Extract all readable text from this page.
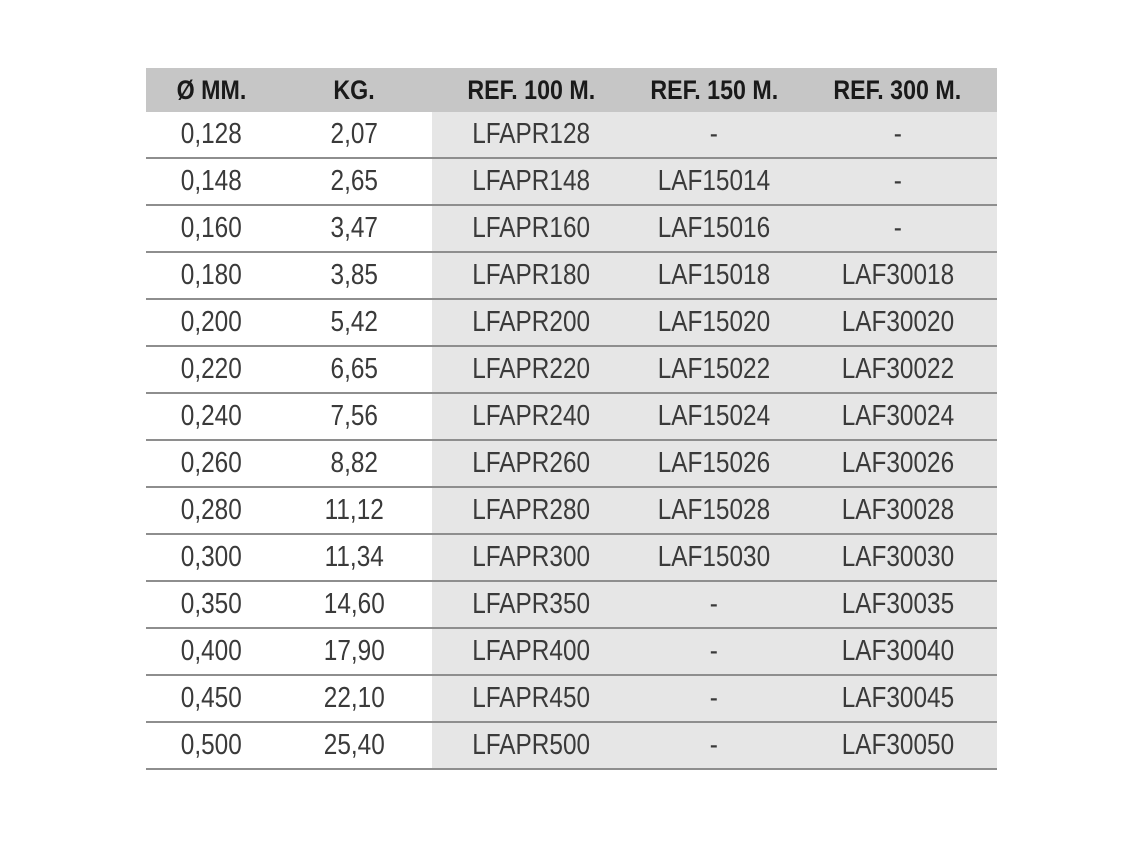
Ø MM.	KG.	REF. 100 M.	REF. 150 M.	REF. 300 M.
0,128	2,07	LFAPR128	-	-
0,148	2,65	LFAPR148	LAF15014	-
0,160	3,47	LFAPR160	LAF15016	-
0,180	3,85	LFAPR180	LAF15018	LAF30018
0,200	5,42	LFAPR200	LAF15020	LAF30020
0,220	6,65	LFAPR220	LAF15022	LAF30022
0,240	7,56	LFAPR240	LAF15024	LAF30024
0,260	8,82	LFAPR260	LAF15026	LAF30026
0,280	11,12	LFAPR280	LAF15028	LAF30028
0,300	11,34	LFAPR300	LAF15030	LAF30030
0,350	14,60	LFAPR350	-	LAF30035
0,400	17,90	LFAPR400	-	LAF30040
0,450	22,10	LFAPR450	-	LAF30045
0,500	25,40	LFAPR500	-	LAF30050
